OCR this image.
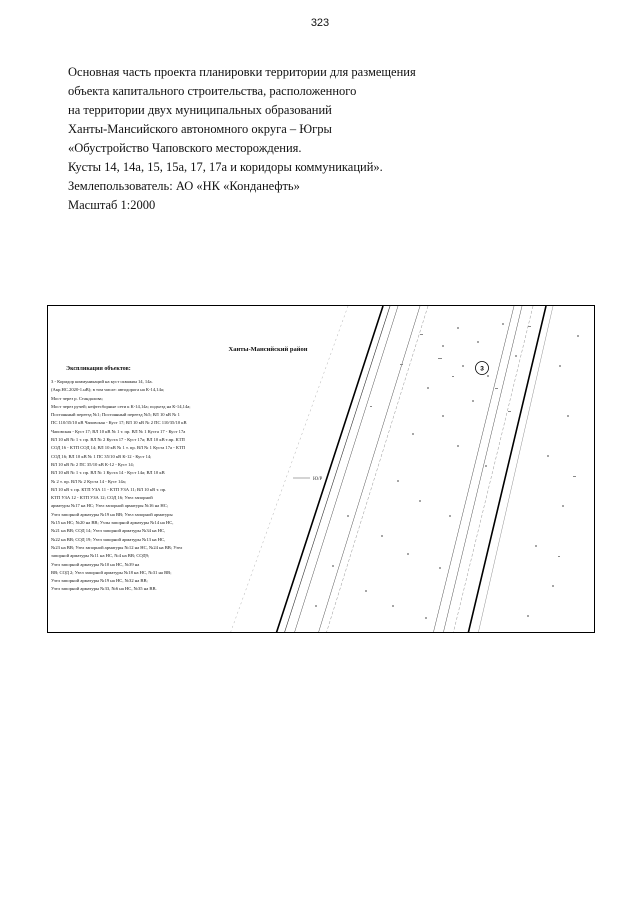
323
Основная часть проекта планировки территории для размещения
объекта капитального строительства, расположенного
на территории двух муниципальных образований
Ханты-Мансийского автономного округа – Югры
«Обустройство Чаповского месторождения.
Кусты 14, 14а, 15, 15а, 17, 17а и коридоры коммуникаций».
Землепользователь: АО «НК «Конданефть»
Масштаб 1:2000
Ю/Р
3
Ханты-Мансийский район
Экспликация объектов:
3 - Коридор коммуникаций на куст скважин 14, 14а.
(Акр.НС.2020-1.нВ); в том числе: автодорога на К-14,14а;
Мост через р. Стандалова;
Мост через ручей; нефтесборные сети к К-14,14а; подъезд на К-14,14а;
Постоянный переезд №1; Постоянный переезд №5; ВЛ 10 кВ № 1
ПС 110/35/10 кВ Чаповская - Куст 17; ВЛ 10 кВ № 2 ПС 110/35/10 кВ
Чаповская - Куст 17; ВЛ 10 кВ № 1 т. пр. ВЛ № 1 Куста 17 - Куст 17а
ВЛ 10 кВ № 1 т. пр. ВЛ № 2 Куста 17 - Куст 17а; ВЛ 10 кВ т.пр. КТП
СОД 16 - КТП СОД 14; ВЛ 10 кВ № 1 т. пр. ВЛ № 1 Куста 17а - КТП
СОД 16; ВЛ 10 кВ № 1 ПС 35/10 кВ К-12 - Куст 14;
ВЛ 10 кВ № 2 ПС 35/10 кВ К-12 - Куст 14;
ВЛ 10 кВ № 1 т. пр. ВЛ № 1 Куста 14 - Куст 14а; ВЛ 10 кВ
№ 2 т. пр. ВЛ № 2 Куста 14 - Куст 14а;
ВЛ 10 кВ т. пр. КТП УЗА 11 - КТП УЗА 11; ВЛ 10 кВ т. пр.
КТП УЗА 12 - КТП УЗА 12; СОД 16; Узел запорной
арматуры №17 на НС; Узел запорной арматуры №16 на НС;
Узел запорной арматуры №19 на ВВ; Узел запорной арматуры
№15 на НС; №20 на ВВ; Узлы запорной арматуры №14 на НС,
№21 на ВВ; СОД 14; Узел запорной арматуры №34 на НС,
№22 на ВВ; СОД 19; Узел запорной арматуры №13 на НС,
№23 на ВВ; Узел запорной арматуры №12 на НС, №24 на ВВ; Узел
запорной арматуры №11 на НС, №4 на ВВ; СОД9;
Узел запорной арматуры №10 на НС, №39 на
ВВ; СОД 2; Узел запорной арматуры №18 на НС, №31 на ВВ;
Узел запорной арматуры №19 на НС, №32 на ВВ;
Узел запорной арматуры №33, №6 на НС, №35 на ВВ.
